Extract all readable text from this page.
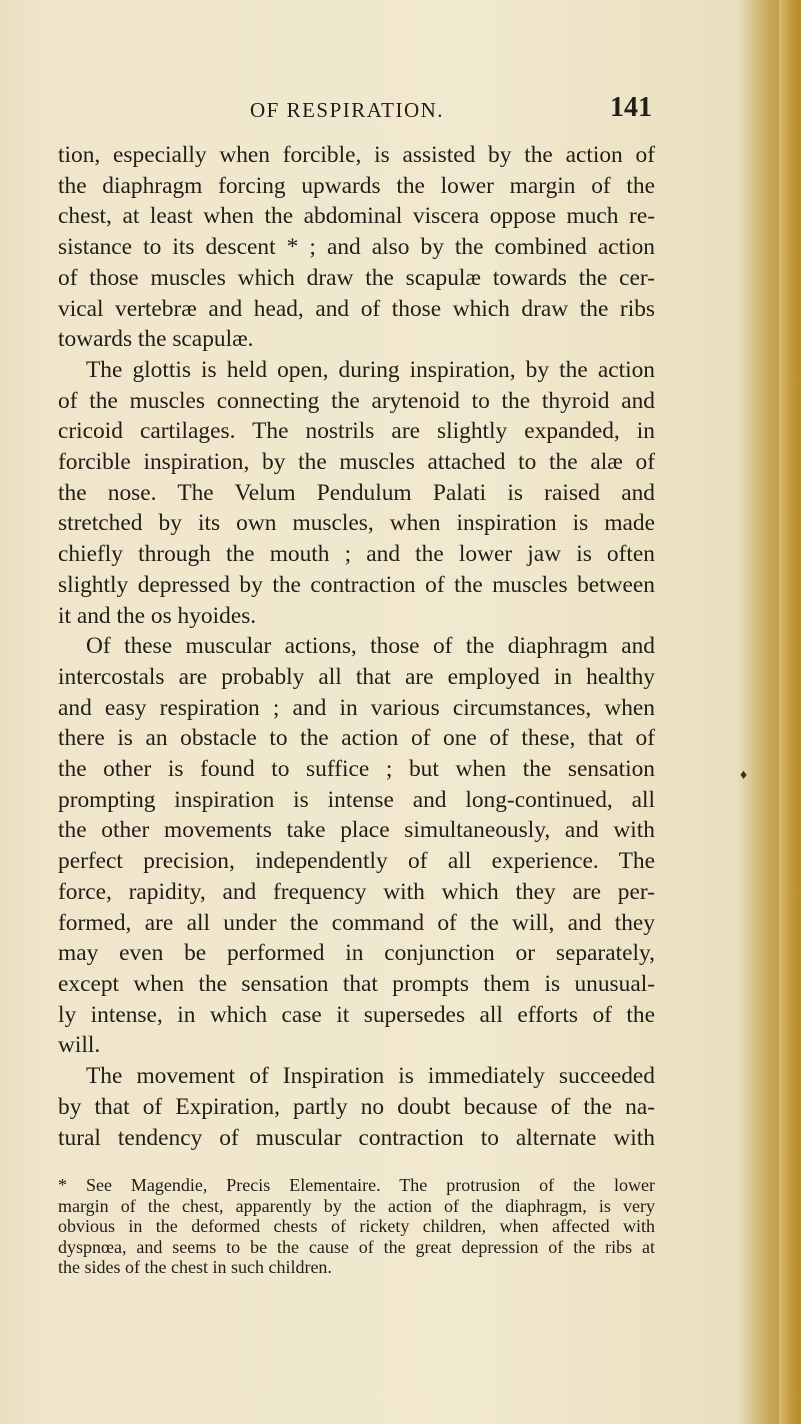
OF RESPIRATION.	141
tion, especially when forcible, is assisted by the action of
the diaphragm forcing upwards the lower margin of the
chest, at least when the abdominal viscera oppose much re-
sistance to its descent * ; and also by the combined action
of those muscles which draw the scapulæ towards the cer-
vical vertebræ and head, and of those which draw the ribs
towards the scapulæ.
The glottis is held open, during inspiration, by the action
of the muscles connecting the arytenoid to the thyroid and
cricoid cartilages. The nostrils are slightly expanded, in
forcible inspiration, by the muscles attached to the alæ of
the nose. The Velum Pendulum Palati is raised and
stretched by its own muscles, when inspiration is made
chiefly through the mouth ; and the lower jaw is often
slightly depressed by the contraction of the muscles between
it and the os hyoides.
Of these muscular actions, those of the diaphragm and
intercostals are probably all that are employed in healthy
and easy respiration ; and in various circumstances, when
there is an obstacle to the action of one of these, that of
the other is found to suffice ; but when the sensation
prompting inspiration is intense and long-continued, all
the other movements take place simultaneously, and with
perfect precision, independently of all experience. The
force, rapidity, and frequency with which they are per-
formed, are all under the command of the will, and they
may even be performed in conjunction or separately,
except when the sensation that prompts them is unusual-
ly intense, in which case it supersedes all efforts of the
will.
The movement of Inspiration is immediately succeeded
by that of Expiration, partly no doubt because of the na-
tural tendency of muscular contraction to alternate with
* See Magendie, Precis Elementaire. The protrusion of the lower
margin of the chest, apparently by the action of the diaphragm, is very
obvious in the deformed chests of rickety children, when affected with
dyspnœa, and seems to be the cause of the great depression of the ribs at
the sides of the chest in such children.
♦
